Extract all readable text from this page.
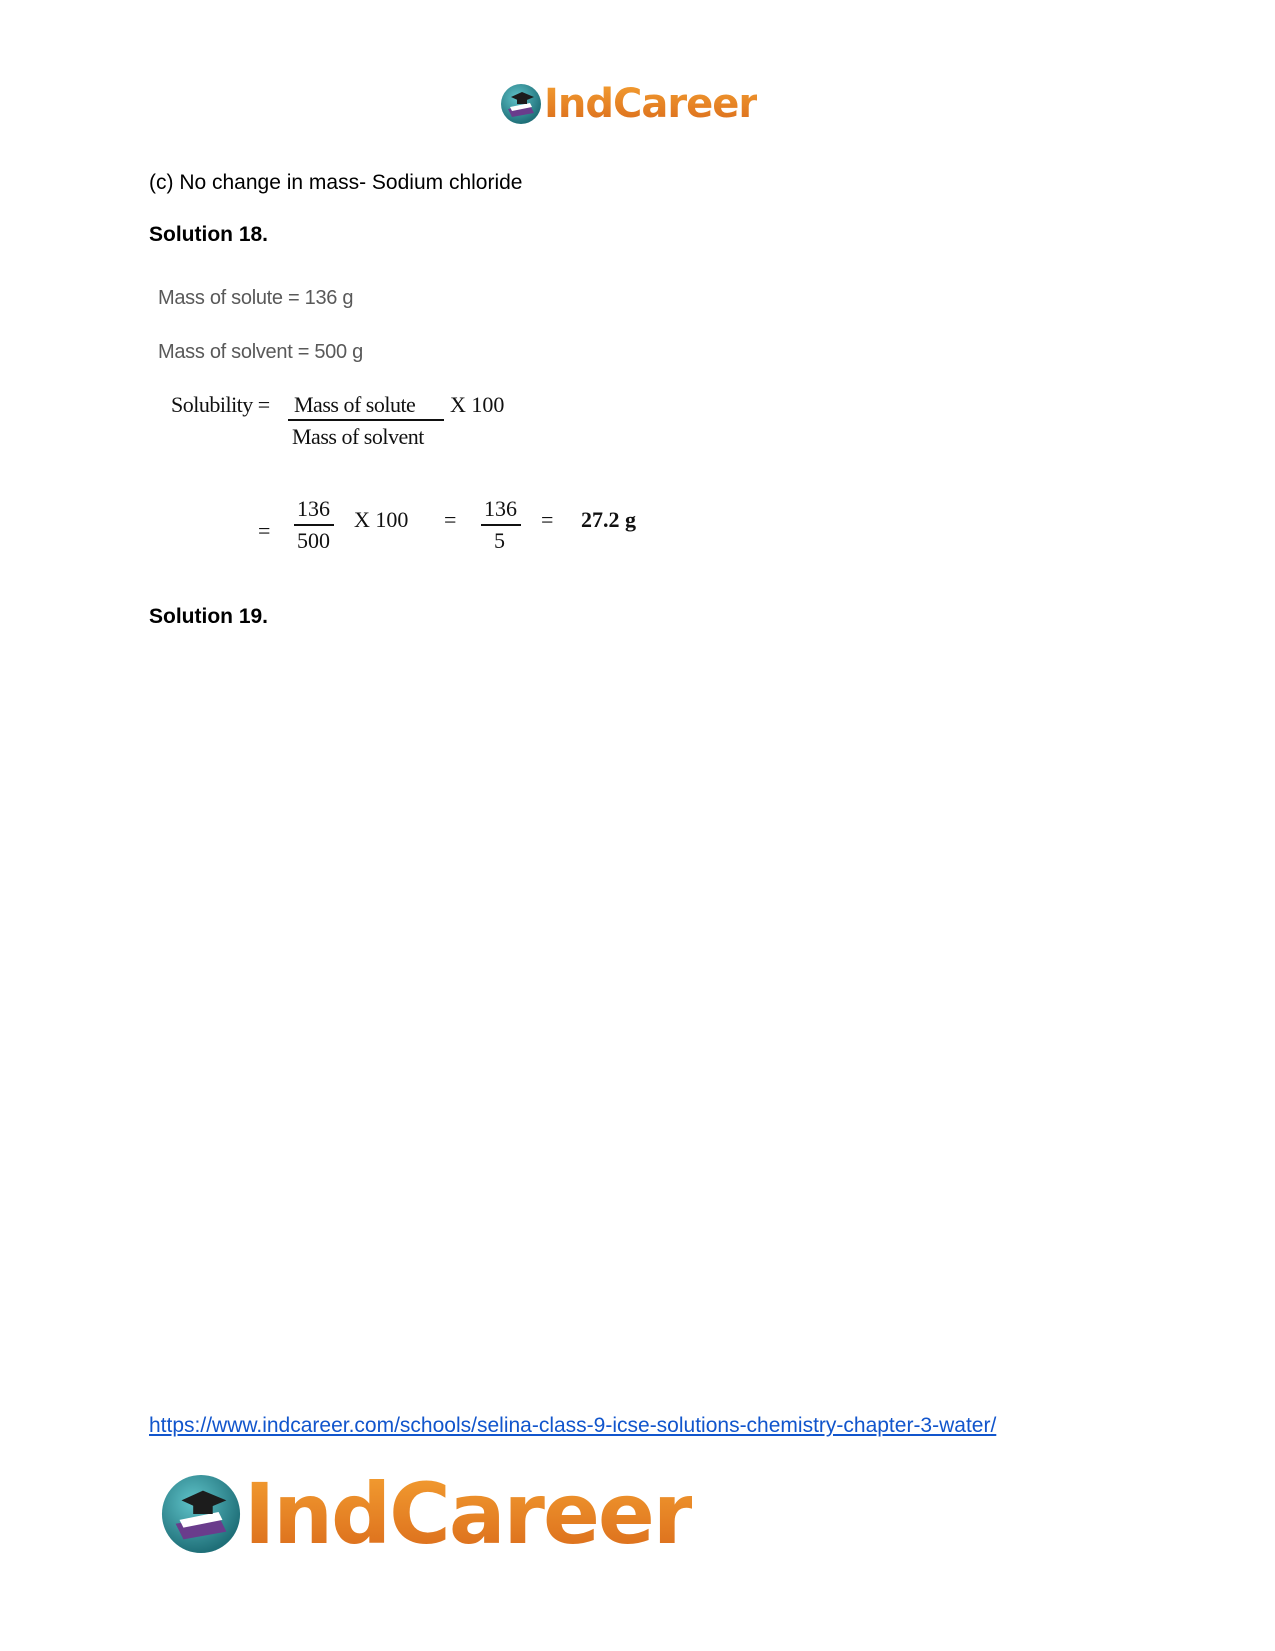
IndCareer

(c) No change in mass- Sodium chloride

Solution 18.

Mass of solute = 136 g
Mass of solvent = 500 g
Solubility = Mass of solute X 100
Mass of solvent
=
136
500
X 100 = 136
5
= 27.2 g

Solution 19.

https://www.indcareer.com/schools/selina-class-9-icse-solutions-chemistry-chapter-3-water/
IndCareer
